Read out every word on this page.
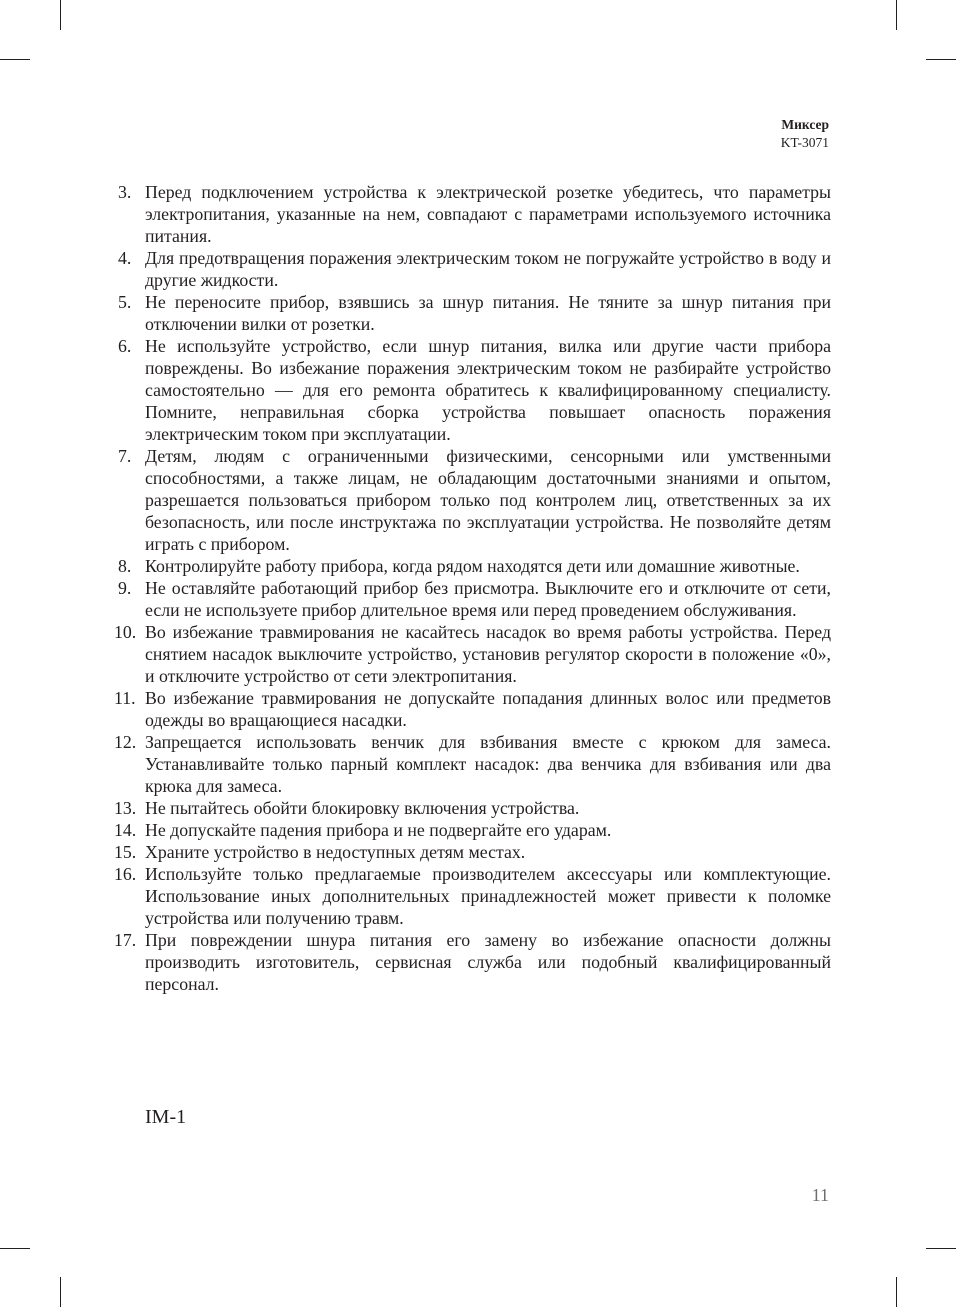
Миксер
KT-3071
3. Перед подключением устройства к электрической розетке убедитесь, что параметры электропитания, указанные на нем, совпадают с параметрами используемого источника питания.
4. Для предотвращения поражения электрическим током не погружайте устройство в воду и другие жидкости.
5. Не переносите прибор, взявшись за шнур питания. Не тяните за шнур питания при отключении вилки от розетки.
6. Не используйте устройство, если шнур питания, вилка или другие части прибора повреждены. Во избежание поражения электрическим током не разбирайте устройство самостоятельно — для его ремонта обратитесь к квалифицированному специалисту. Помните, неправильная сборка устройства повышает опасность поражения электрическим током при эксплуатации.
7. Детям, людям с ограниченными физическими, сенсорными или умственными способностями, а также лицам, не обладающим достаточными знаниями и опытом, разрешается пользоваться прибором только под контролем лиц, ответственных за их безопасность, или после инструктажа по эксплуатации устройства. Не позволяйте детям играть с прибором.
8. Контролируйте работу прибора, когда рядом находятся дети или домашние животные.
9. Не оставляйте работающий прибор без присмотра. Выключите его и отключите от сети, если не используете прибор длительное время или перед проведением обслуживания.
10. Во избежание травмирования не касайтесь насадок во время работы устройства. Перед снятием насадок выключите устройство, установив регулятор скорости в положение «0», и отключите устройство от сети электропитания.
11. Во избежание травмирования не допускайте попадания длинных волос или предметов одежды во вращающиеся насадки.
12. Запрещается использовать венчик для взбивания вместе с крюком для замеса. Устанавливайте только парный комплект насадок: два венчика для взбивания или два крюка для замеса.
13. Не пытайтесь обойти блокировку включения устройства.
14. Не допускайте падения прибора и не подвергайте его ударам.
15. Храните устройство в недоступных детям местах.
16. Используйте только предлагаемые производителем аксессуары или комплектующие. Использование иных дополнительных принадлежностей может привести к поломке устройства или получению травм.
17. При повреждении шнура питания его замену во избежание опасности должны производить изготовитель, сервисная служба или подобный квалифицированный персонал.
IM-1
11
